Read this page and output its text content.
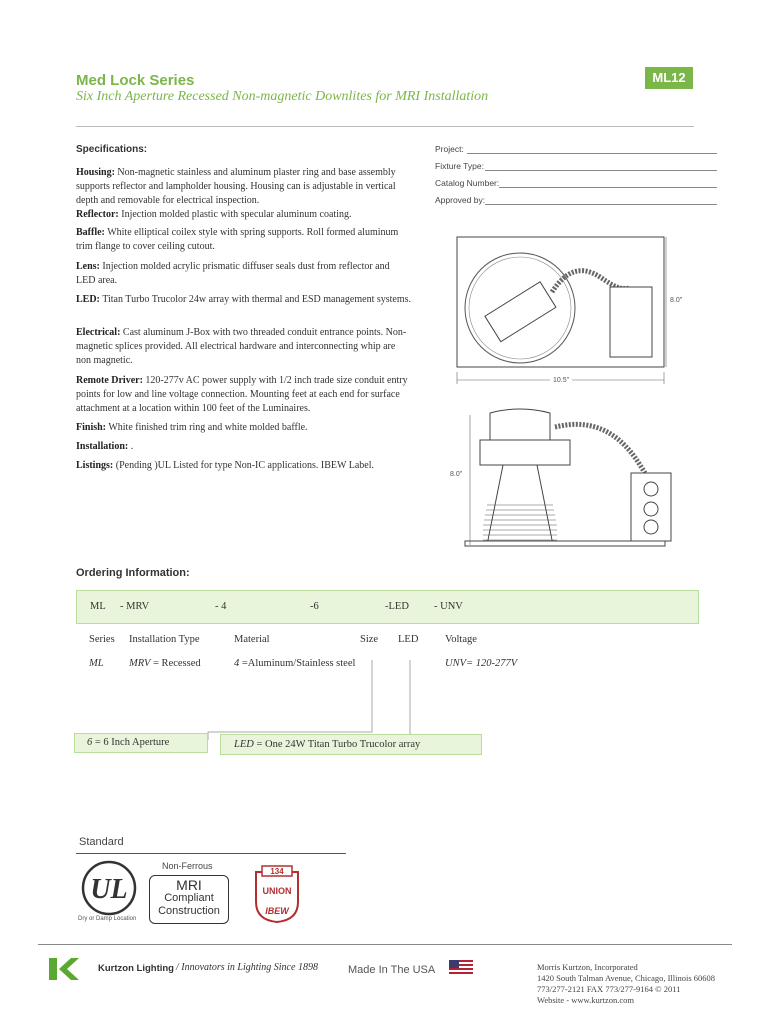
Med Lock Series
Six Inch Aperture Recessed Non-magnetic Downlites for MRI Installation
ML12
Specifications:
Housing: Non-magnetic stainless and aluminum plaster ring and base assembly supports reflector and lampholder housing. Housing can is adjustable in vertical depth and removable for electrical inspection.
Reflector: Injection molded plastic with specular aluminum coating.
Baffle: White elliptical coilex style with spring supports. Roll formed aluminum trim flange to cover ceiling cutout.
Lens: Injection molded acrylic prismatic diffuser seals dust from reflector and LED area.
LED: Titan Turbo Trucolor 24w array with thermal and ESD management systems.
Electrical: Cast aluminum J-Box with two threaded conduit entrance points. Non-magnetic splices provided. All electrical hardware and interconnecting whip are non magnetic.
Remote Driver: 120-277v AC power supply with 1/2 inch trade size conduit entry points for low and line voltage connection. Mounting feet at each end for surface attachment at a location within 100 feet of the Luminaires.
Finish: White finished trim ring and white molded baffle.
Installation: .
Listings: (Pending )UL Listed for type Non-IC applications. IBEW Label.
Project:
Fixture Type:
Catalog Number:
Approved by:
8.0"
10.5"
8.0"
Ordering Information:
ML - MRV	- 4	-6	-LED - UNV
Series Installation Type	Material	Size LED	Voltage
ML MRV = Recessed	4 =Aluminum/Stainless steel	UNV= 120-277V
6 = 6 Inch Aperture	LED = One 24W Titan Turbo Trucolor array
Standard
UL
Dry or Damp Location
Non-Ferrous
MRI
Compliant
Construction
134
UNION
IBEW
Kurtzon Lighting / Innovators in Lighting Since 1898	Made In The USA	Morris Kurtzon, Incorporated
1420 South Talman Avenue, Chicago, Illinois 60608
773/277-2121 FAX 773/277-9164 © 2011
Website - www.kurtzon.com
